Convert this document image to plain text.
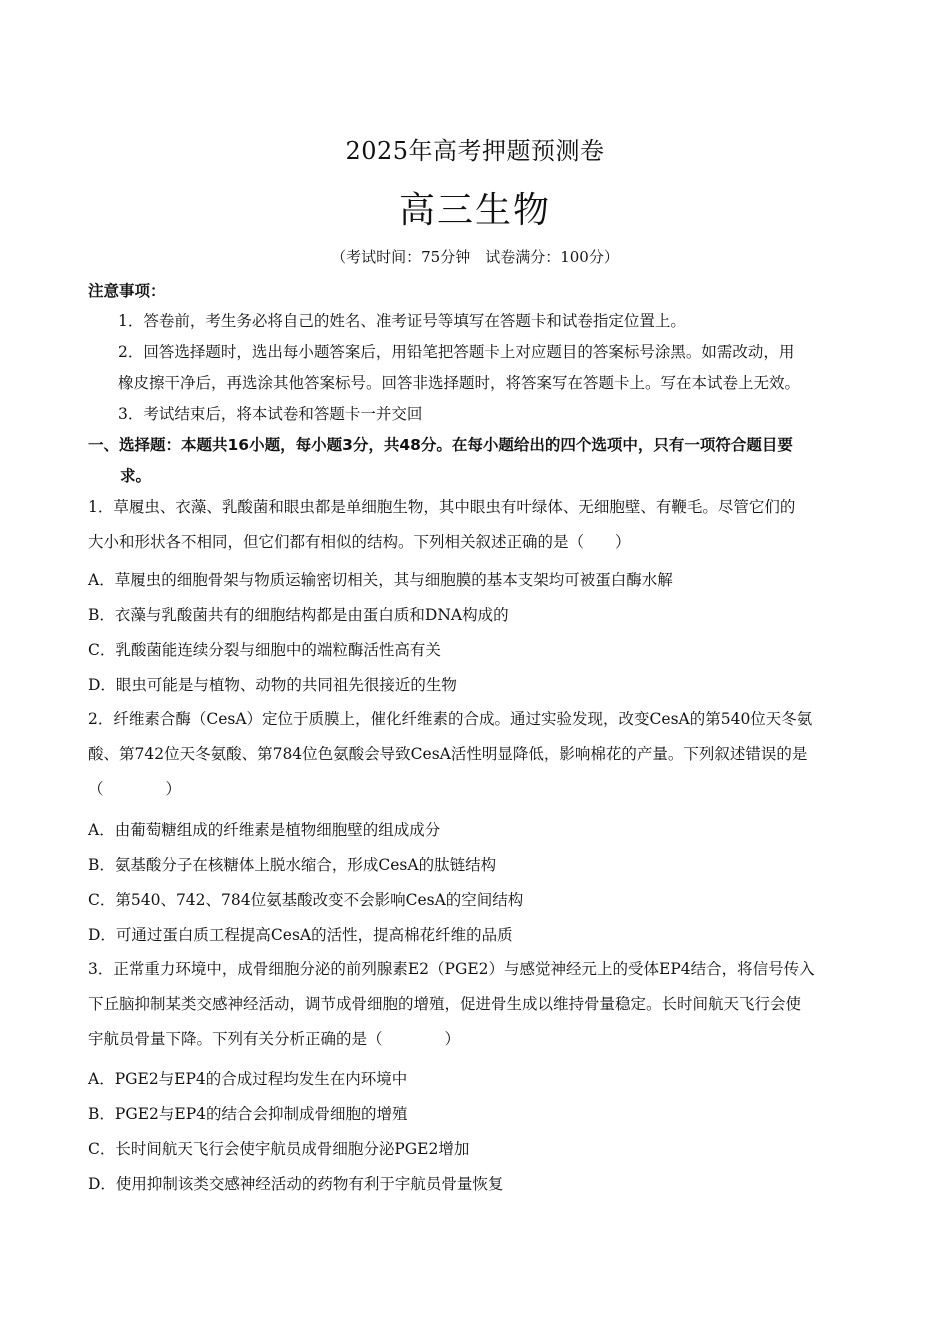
2025年高考押题预测卷
高三生物
（考试时间：75分钟　试卷满分：100分）
注意事项：
1．答卷前，考生务必将自己的姓名、准考证号等填写在答题卡和试卷指定位置上。
2．回答选择题时，选出每小题答案后，用铅笔把答题卡上对应题目的答案标号涂黑。如需改动，用
橡皮擦干净后，再选涂其他答案标号。回答非选择题时，将答案写在答题卡上。写在本试卷上无效。
3．考试结束后，将本试卷和答题卡一并交回
一、选择题：本题共16小题，每小题3分，共48分。在每小题给出的四个选项中，只有一项符合题目要
求。
1．草履虫、衣藻、乳酸菌和眼虫都是单细胞生物，其中眼虫有叶绿体、无细胞壁、有鞭毛。尽管它们的
大小和形状各不相同，但它们都有相似的结构。下列相关叙述正确的是（　　）
A．草履虫的细胞骨架与物质运输密切相关，其与细胞膜的基本支架均可被蛋白酶水解
B．衣藻与乳酸菌共有的细胞结构都是由蛋白质和DNA构成的
C．乳酸菌能连续分裂与细胞中的端粒酶活性高有关
D．眼虫可能是与植物、动物的共同祖先很接近的生物
2．纤维素合酶（CesA）定位于质膜上，催化纤维素的合成。通过实验发现，改变CesA的第540位天冬氨
酸、第742位天冬氨酸、第784位色氨酸会导致CesA活性明显降低，影响棉花的产量。下列叙述错误的是
（　　　　）
A．由葡萄糖组成的纤维素是植物细胞壁的组成成分
B．氨基酸分子在核糖体上脱水缩合，形成CesA的肽链结构
C．第540、742、784位氨基酸改变不会影响CesA的空间结构
D．可通过蛋白质工程提高CesA的活性，提高棉花纤维的品质
3．正常重力环境中，成骨细胞分泌的前列腺素E2（PGE2）与感觉神经元上的受体EP4结合，将信号传入
下丘脑抑制某类交感神经活动，调节成骨细胞的增殖，促进骨生成以维持骨量稳定。长时间航天飞行会使
宇航员骨量下降。下列有关分析正确的是（　　　　）
A．PGE2与EP4的合成过程均发生在内环境中
B．PGE2与EP4的结合会抑制成骨细胞的增殖
C．长时间航天飞行会使宇航员成骨细胞分泌PGE2增加
D．使用抑制该类交感神经活动的药物有利于宇航员骨量恢复
